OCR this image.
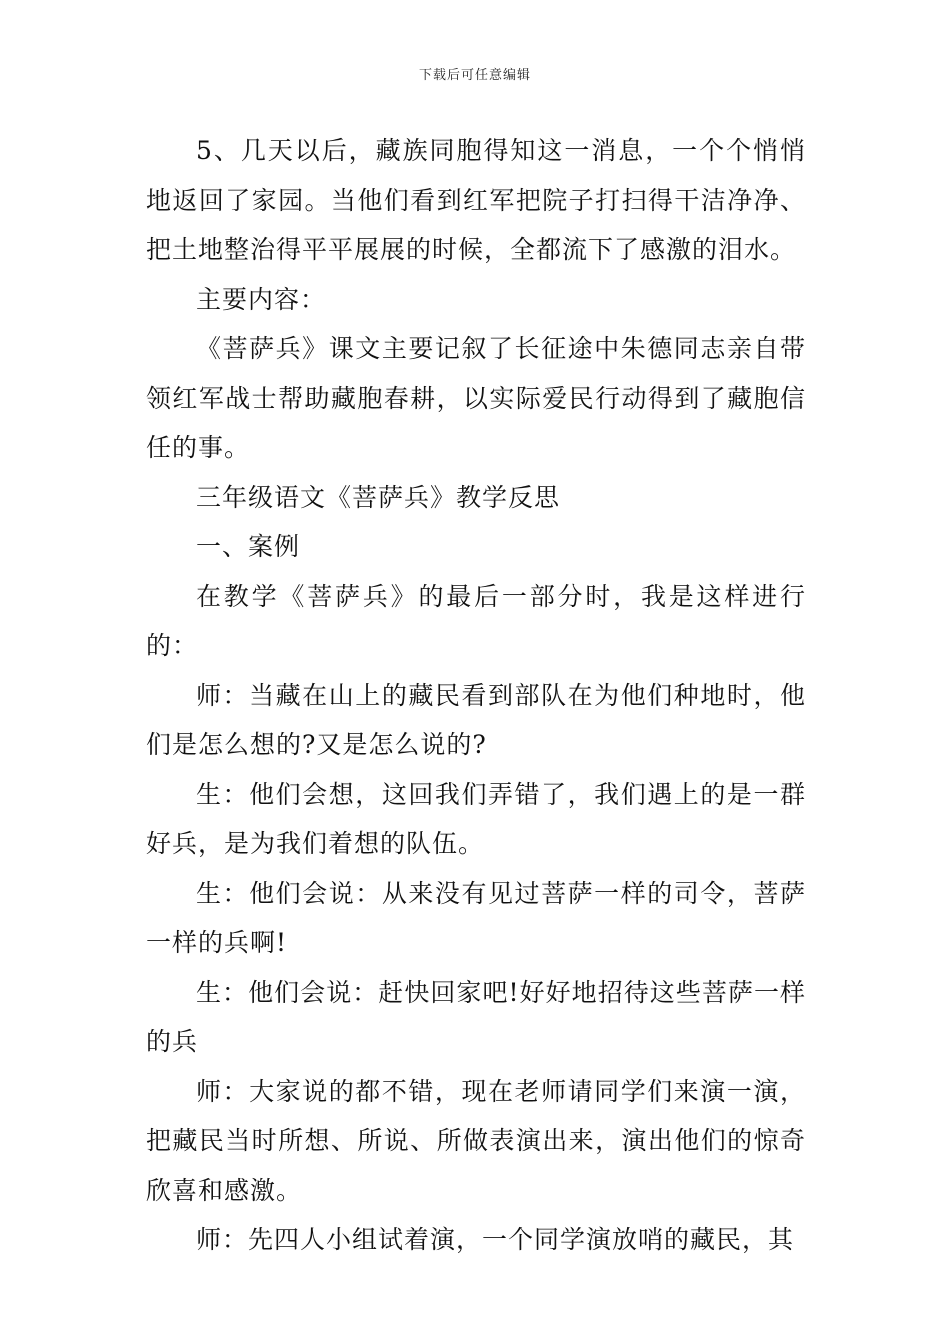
下载后可任意编辑

5、几天以后，藏族同胞得知这一消息，一个个悄悄地返回了家园。当他们看到红军把院子打扫得干洁净净、把土地整治得平平展展的时候，全都流下了感激的泪水。

主要内容：

《菩萨兵》课文主要记叙了长征途中朱德同志亲自带领红军战士帮助藏胞春耕，以实际爱民行动得到了藏胞信任的事。

三年级语文《菩萨兵》教学反思

一、案例

在教学《菩萨兵》的最后一部分时，我是这样进行的：

师：当藏在山上的藏民看到部队在为他们种地时，他们是怎么想的?又是怎么说的?

生：他们会想，这回我们弄错了，我们遇上的是一群好兵，是为我们着想的队伍。

生：他们会说：从来没有见过菩萨一样的司令，菩萨一样的兵啊!

生：他们会说：赶快回家吧!好好地招待这些菩萨一样的兵

师：大家说的都不错，现在老师请同学们来演一演，把藏民当时所想、所说、所做表演出来，演出他们的惊奇欣喜和感激。

师：先四人小组试着演，一个同学演放哨的藏民，其
